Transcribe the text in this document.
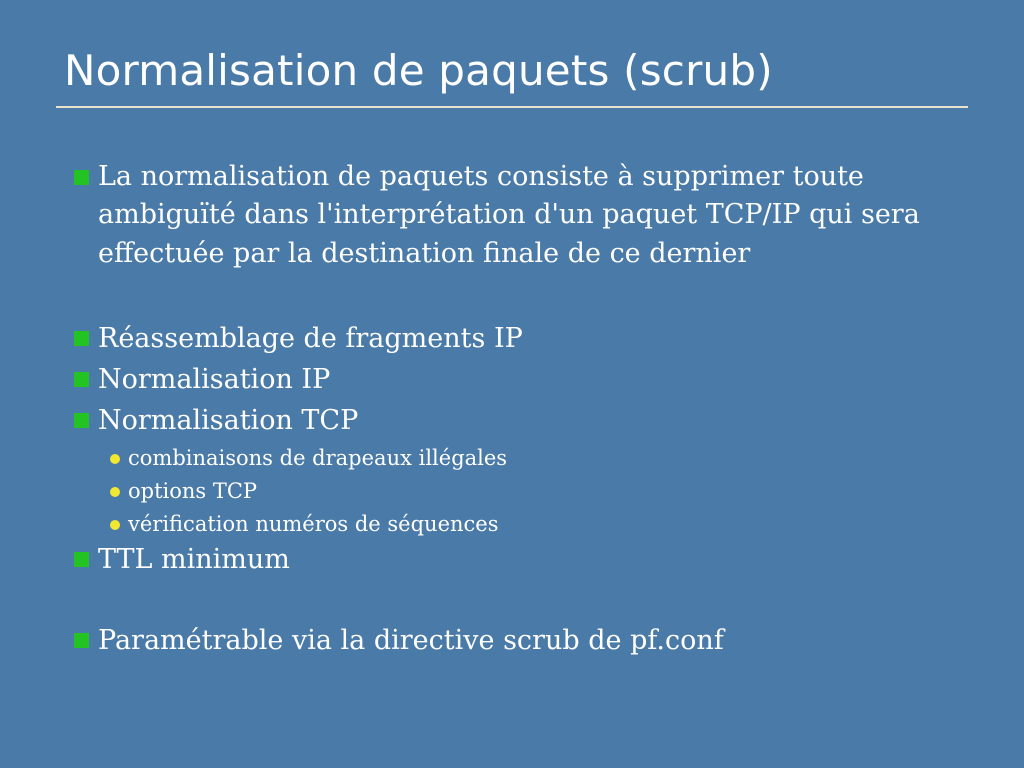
Normalisation de paquets (scrub)
La normalisation de paquets consiste à supprimer toute ambiguïté dans l'interprétation d'un paquet TCP/IP qui sera effectuée par la destination finale de ce dernier
Réassemblage de fragments IP
Normalisation IP
Normalisation TCP
combinaisons de drapeaux illégales
options TCP
vérification numéros de séquences
TTL minimum
Paramétrable via la directive scrub de pf.conf
